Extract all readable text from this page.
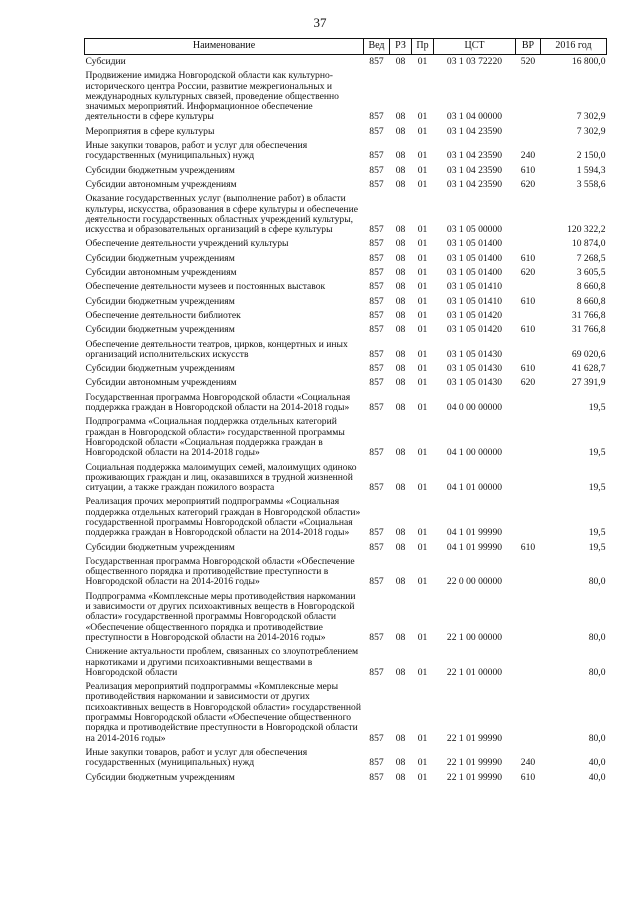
37
Наименование	Вед	РЗ	Пр	ЦСТ	ВР	2016 год
Субсидии	857	08	01	03 1 03 72220	520	16 800,0
Продвижение имиджа Новгородской области как культурно-исторического центра России, развитие межрегиональных и международных культурных связей, проведение общественно значимых мероприятий. Информационное обеспечение деятельности в сфере культуры	857	08	01	03 1 04 00000		7 302,9
Мероприятия в сфере культуры	857	08	01	03 1 04 23590		7 302,9
Иные закупки товаров, работ и услуг для обеспечения государственных (муниципальных) нужд	857	08	01	03 1 04 23590	240	2 150,0
Субсидии бюджетным учреждениям	857	08	01	03 1 04 23590	610	1 594,3
Субсидии автономным учреждениям	857	08	01	03 1 04 23590	620	3 558,6
Оказание государственных услуг (выполнение работ) в области культуры, искусства, образования в сфере культуры и обеспечение деятельности государственных областных учреждений культуры, искусства и образовательных организаций в сфере культуры	857	08	01	03 1 05 00000		120 322,2
Обеспечение деятельности учреждений культуры	857	08	01	03 1 05 01400		10 874,0
Субсидии бюджетным учреждениям	857	08	01	03 1 05 01400	610	7 268,5
Субсидии автономным учреждениям	857	08	01	03 1 05 01400	620	3 605,5
Обеспечение деятельности музеев и постоянных выставок	857	08	01	03 1 05 01410		8 660,8
Субсидии бюджетным учреждениям	857	08	01	03 1 05 01410	610	8 660,8
Обеспечение деятельности библиотек	857	08	01	03 1 05 01420		31 766,8
Субсидии бюджетным учреждениям	857	08	01	03 1 05 01420	610	31 766,8
Обеспечение деятельности театров, цирков, концертных и иных организаций исполнительских искусств	857	08	01	03 1 05 01430		69 020,6
Субсидии бюджетным учреждениям	857	08	01	03 1 05 01430	610	41 628,7
Субсидии автономным учреждениям	857	08	01	03 1 05 01430	620	27 391,9
Государственная программа Новгородской области «Социальная поддержка граждан в Новгородской области на 2014-2018 годы»	857	08	01	04 0 00 00000		19,5
Подпрограмма «Социальная поддержка отдельных категорий граждан в Новгородской области» государственной программы Новгородской области «Социальная поддержка граждан в Новгородской области на 2014-2018 годы»	857	08	01	04 1 00 00000		19,5
Социальная поддержка малоимущих семей, малоимущих одиноко проживающих граждан и лиц, оказавшихся в трудной жизненной ситуации, а также граждан пожилого возраста	857	08	01	04 1 01 00000		19,5
Реализация прочих мероприятий подпрограммы «Социальная поддержка отдельных категорий граждан в Новгородской области» государственной программы Новгородской области «Социальная поддержка граждан в Новгородской области на 2014-2018 годы»	857	08	01	04 1 01 99990		19,5
Субсидии бюджетным учреждениям	857	08	01	04 1 01 99990	610	19,5
Государственная программа Новгородской области «Обеспечение общественного порядка и противодействие преступности в Новгородской области на 2014-2016 годы»	857	08	01	22 0 00 00000		80,0
Подпрограмма «Комплексные меры противодействия наркомании и зависимости от других психоактивных веществ в Новгородской области» государственной программы Новгородской области «Обеспечение общественного порядка и противодействие преступности в Новгородской области на 2014-2016 годы»	857	08	01	22 1 00 00000		80,0
Снижение актуальности проблем, связанных со злоупотреблением наркотиками и другими психоактивными веществами в Новгородской области	857	08	01	22 1 01 00000		80,0
Реализация мероприятий подпрограммы «Комплексные меры противодействия наркомании и зависимости от других психоактивных веществ в Новгородской области» государственной программы Новгородской области «Обеспечение общественного порядка и противодействие преступности в Новгородской области на 2014-2016 годы»	857	08	01	22 1 01 99990		80,0
Иные закупки товаров, работ и услуг для обеспечения государственных (муниципальных) нужд	857	08	01	22 1 01 99990	240	40,0
Субсидии бюджетным учреждениям	857	08	01	22 1 01 99990	610	40,0
